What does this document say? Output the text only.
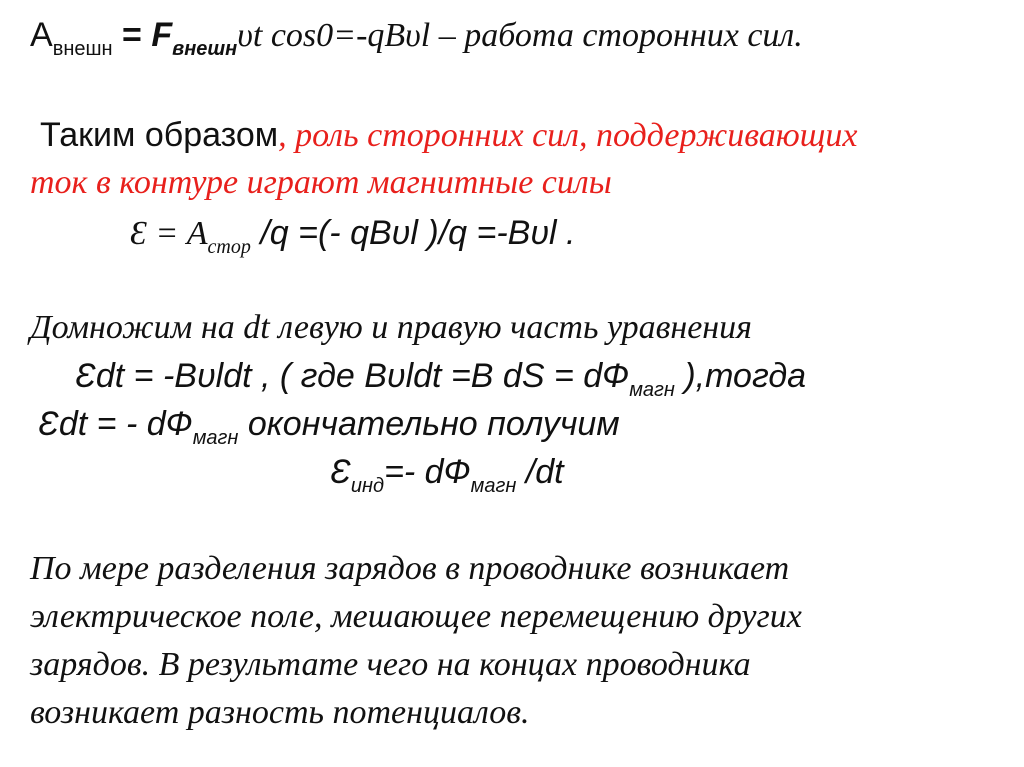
$А_{внешн} = F_{внешн}\upsilon t$ cos0=-qBυl – работа сторонних сил.
Таким образом, роль сторонних сил, поддерживающих
ток в контуре играют магнитные силы
Ɛ = $А_{стор}$ /q =(- qBυl )/q =-Bυl .
Домножим на dt левую и правую часть уравнения
Ɛdt = -Bυldt , ( где Bυldt =B dS = $dФ_{магн}$ ),тогда
Ɛdt = - $dФ_{магн}$ окончательно получим
$Ɛ_{инд}=-$ $dФ_{магн}$ /dt
По мере разделения зарядов в проводнике возникает
электрическое поле, мешающее перемещению других
зарядов. В результате чего на концах проводника
возникает разность потенциалов.
